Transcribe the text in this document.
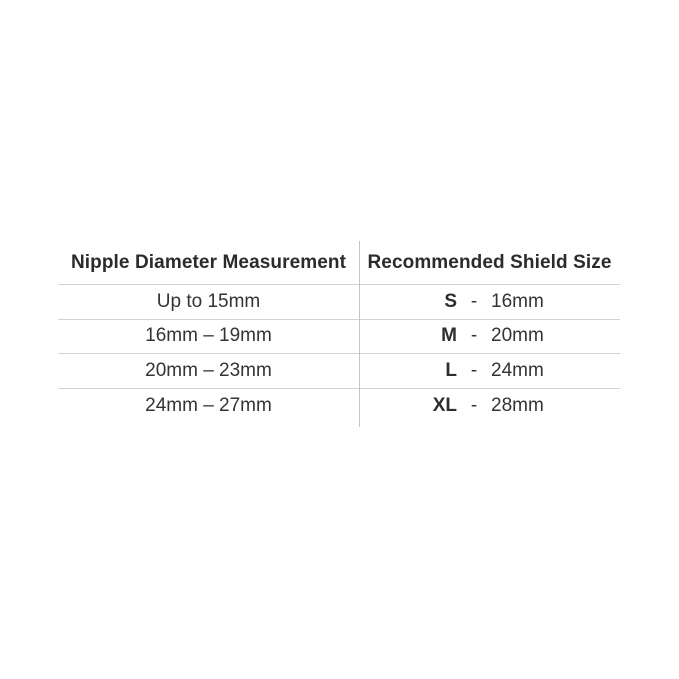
Nipple Diameter Measurement	Recommended Shield Size
Up to 15mm	S - 16mm
16mm – 19mm	M - 20mm
20mm – 23mm	L - 24mm
24mm – 27mm	XL - 28mm
